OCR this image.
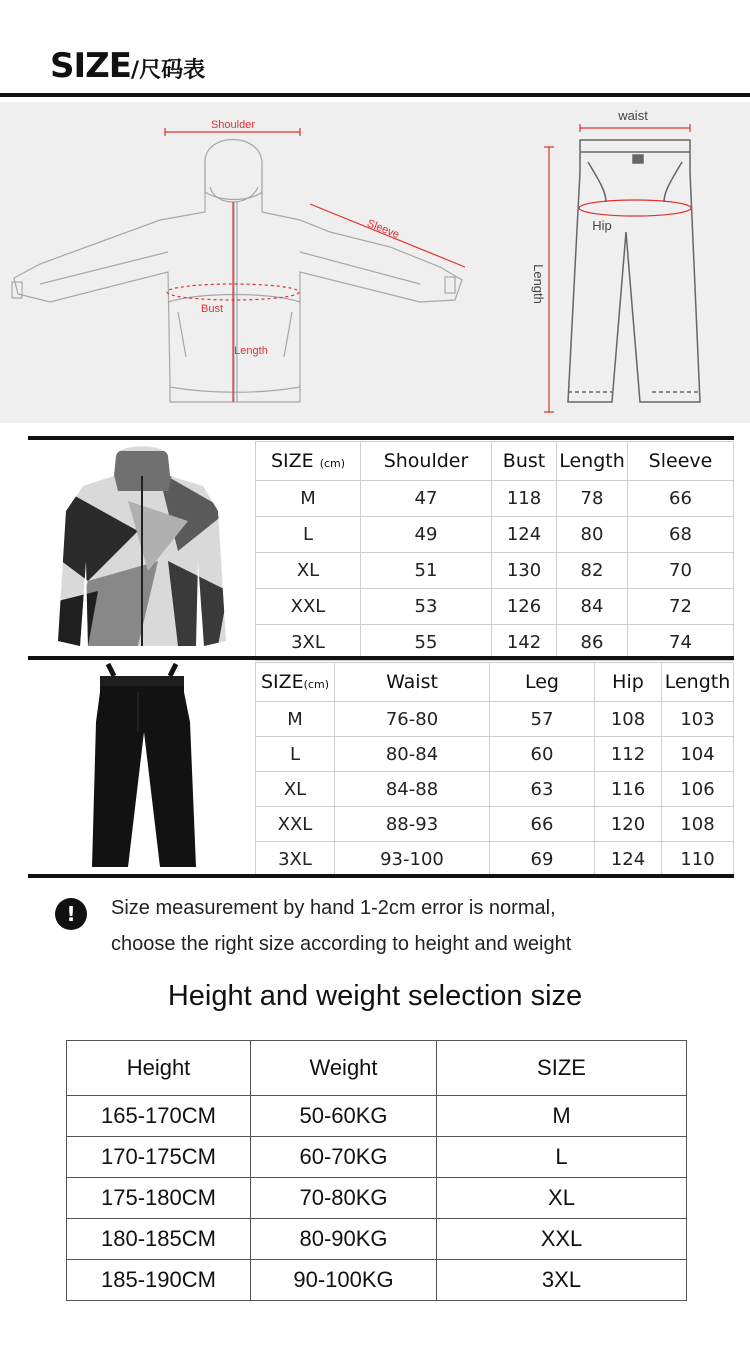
SIZE/尺码表
Shoulder
Sleeve
Bust
Length
waist
Hip
Length
SIZE (cm)	Shoulder	Bust	Length	Sleeve
M	47	118	78	66
L	49	124	80	68
XL	51	130	82	70
XXL	53	126	84	72
3XL	55	142	86	74
SIZE(cm)	Waist	Leg	Hip	Length
M	76-80	57	108	103
L	80-84	60	112	104
XL	84-88	63	116	106
XXL	88-93	66	120	108
3XL	93-100	69	124	110
!	Size measurement by hand 1-2cm error is normal,
choose the right size according to height and weight
Height and weight selection size
Height	Weight	SIZE
165-170CM	50-60KG	M
170-175CM	60-70KG	L
175-180CM	70-80KG	XL
180-185CM	80-90KG	XXL
185-190CM	90-100KG	3XL
